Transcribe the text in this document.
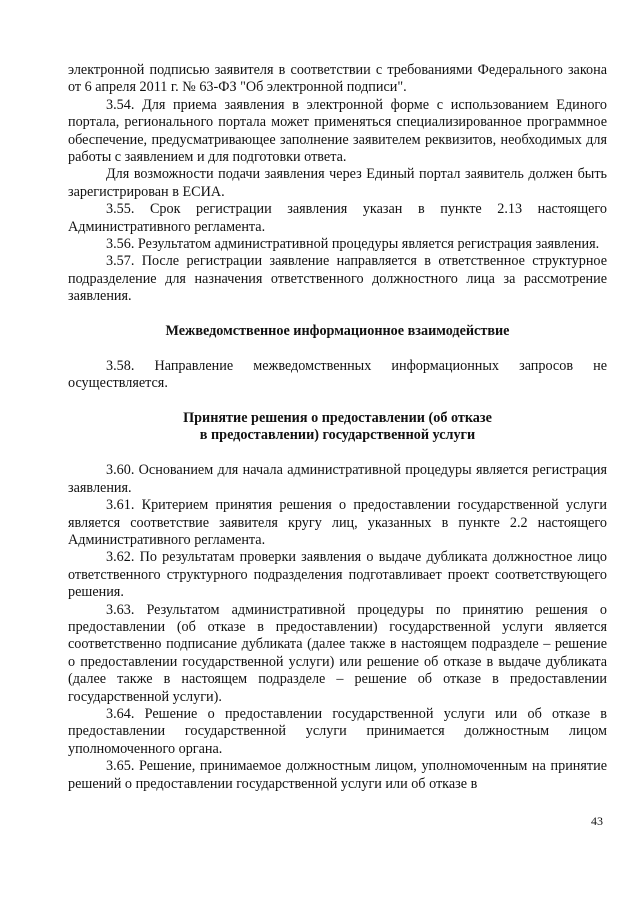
электронной подписью заявителя в соответствии с требованиями Федерального закона от 6 апреля 2011 г. № 63-ФЗ "Об электронной подписи".

3.54. Для приема заявления в электронной форме с использованием Единого портала, регионального портала может применяться специализированное программное обеспечение, предусматривающее заполнение заявителем реквизитов, необходимых для работы с заявлением и для подготовки ответа.

Для возможности подачи заявления через Единый портал заявитель должен быть зарегистрирован в ЕСИА.

3.55. Срок регистрации заявления указан в пункте 2.13 настоящего Административного регламента.

3.56. Результатом административной процедуры является регистрация заявления.

3.57. После регистрации заявление направляется в ответственное структурное подразделение для назначения ответственного должностного лица за рассмотрение заявления.

Межведомственное информационное взаимодействие

3.58. Направление межведомственных информационных запросов не осуществляется.

Принятие решения о предоставлении (об отказе

в предоставлении) государственной услуги

3.60. Основанием для начала административной процедуры является регистрация заявления.

3.61. Критерием принятия решения о предоставлении государственной услуги является соответствие заявителя кругу лиц, указанных в пункте 2.2 настоящего Административного регламента.

3.62. По результатам проверки заявления о выдаче дубликата должностное лицо ответственного структурного подразделения подготавливает проект соответствующего решения.

3.63. Результатом административной процедуры по принятию решения о предоставлении (об отказе в предоставлении) государственной услуги является соответственно подписание дубликата (далее также в настоящем подразделе – решение о предоставлении государственной услуги) или решение об отказе в выдаче дубликата (далее также в настоящем подразделе – решение об отказе в предоставлении государственной услуги).

3.64. Решение о предоставлении государственной услуги или об отказе в предоставлении государственной услуги принимается должностным лицом уполномоченного органа.

3.65. Решение, принимаемое должностным лицом, уполномоченным на принятие решений о предоставлении государственной услуги или об отказе в

43
